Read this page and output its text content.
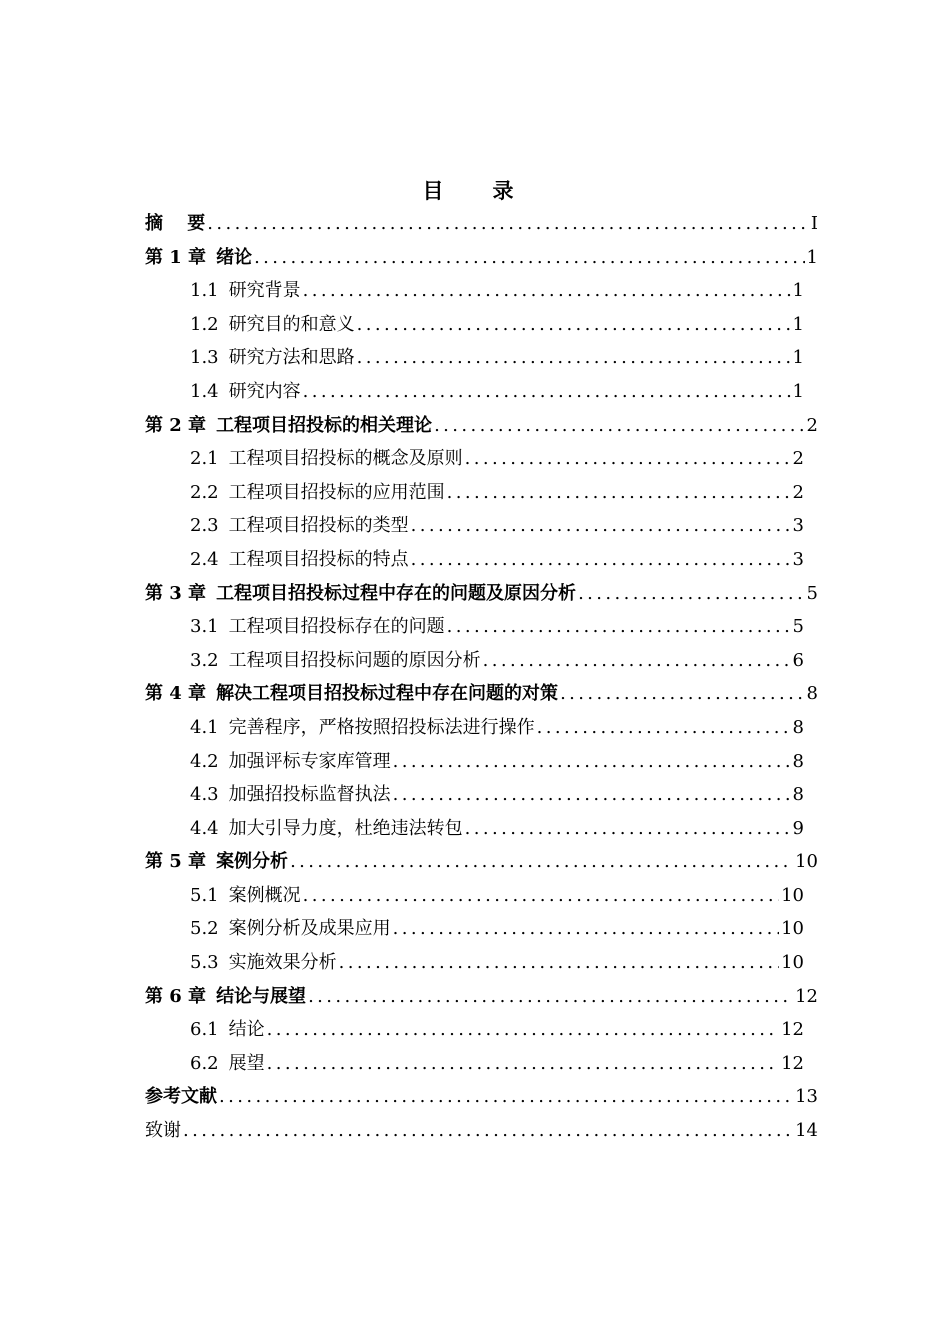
目　录
摘　 要 .....	I
第 1 章 绪论 .....	1
1.1 研究背景 .....	1
1.2 研究目的和意义 .....	1
1.3 研究方法和思路 .....	1
1.4 研究内容 .....	1
第 2 章 工程项目招投标的相关理论 .....	2
2.1 工程项目招投标的概念及原则 .....	2
2.2 工程项目招投标的应用范围 .....	2
2.3 工程项目招投标的类型 .....	3
2.4 工程项目招投标的特点 .....	3
第 3 章 工程项目招投标过程中存在的问题及原因分析 .....	5
3.1 工程项目招投标存在的问题 .....	5
3.2 工程项目招投标问题的原因分析 .....	6
第 4 章 解决工程项目招投标过程中存在问题的对策 .....	8
4.1 完善程序，严格按照招投标法进行操作 .....	8
4.2 加强评标专家库管理 .....	8
4.3 加强招投标监督执法 .....	8
4.4 加大引导力度，杜绝违法转包 .....	9
第 5 章 案例分析 .....	10
5.1 案例概况 .....	10
5.2 案例分析及成果应用 .....	10
5.3 实施效果分析 .....	10
第 6 章 结论与展望 .....	12
6.1 结论 .....	12
6.2 展望 .....	12
参考文献 .....	13
致谢 .....	14
